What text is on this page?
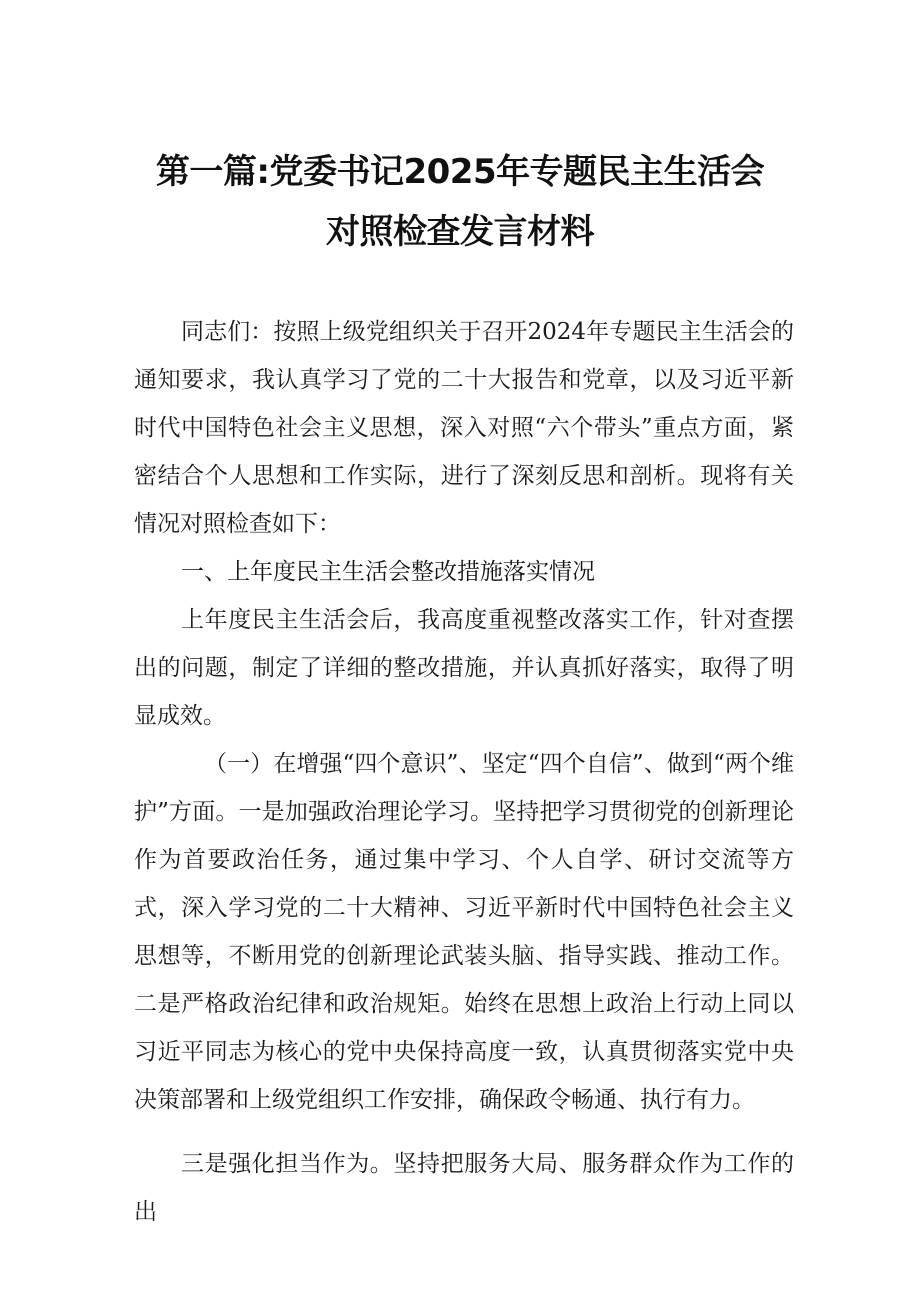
第一篇:党委书记2025年专题民主生活会
对照检查发言材料
同志们：按照上级党组织关于召开2024年专题民主生活会的通知要求，我认真学习了党的二十大报告和党章，以及习近平新时代中国特色社会主义思想，深入对照“六个带头”重点方面，紧密结合个人思想和工作实际，进行了深刻反思和剖析。现将有关情况对照检查如下：
一、上年度民主生活会整改措施落实情况
上年度民主生活会后，我高度重视整改落实工作，针对查摆出的问题，制定了详细的整改措施，并认真抓好落实，取得了明显成效。
（一）在增强“四个意识”、坚定“四个自信”、做到“两个维护”方面。一是加强政治理论学习。坚持把学习贯彻党的创新理论作为首要政治任务，通过集中学习、个人自学、研讨交流等方式，深入学习党的二十大精神、习近平新时代中国特色社会主义思想等，不断用党的创新理论武装头脑、指导实践、推动工作。二是严格政治纪律和政治规矩。始终在思想上政治上行动上同以习近平同志为核心的党中央保持高度一致，认真贯彻落实党中央决策部署和上级党组织工作安排，确保政令畅通、执行有力。
三是强化担当作为。坚持把服务大局、服务群众作为工作的出
